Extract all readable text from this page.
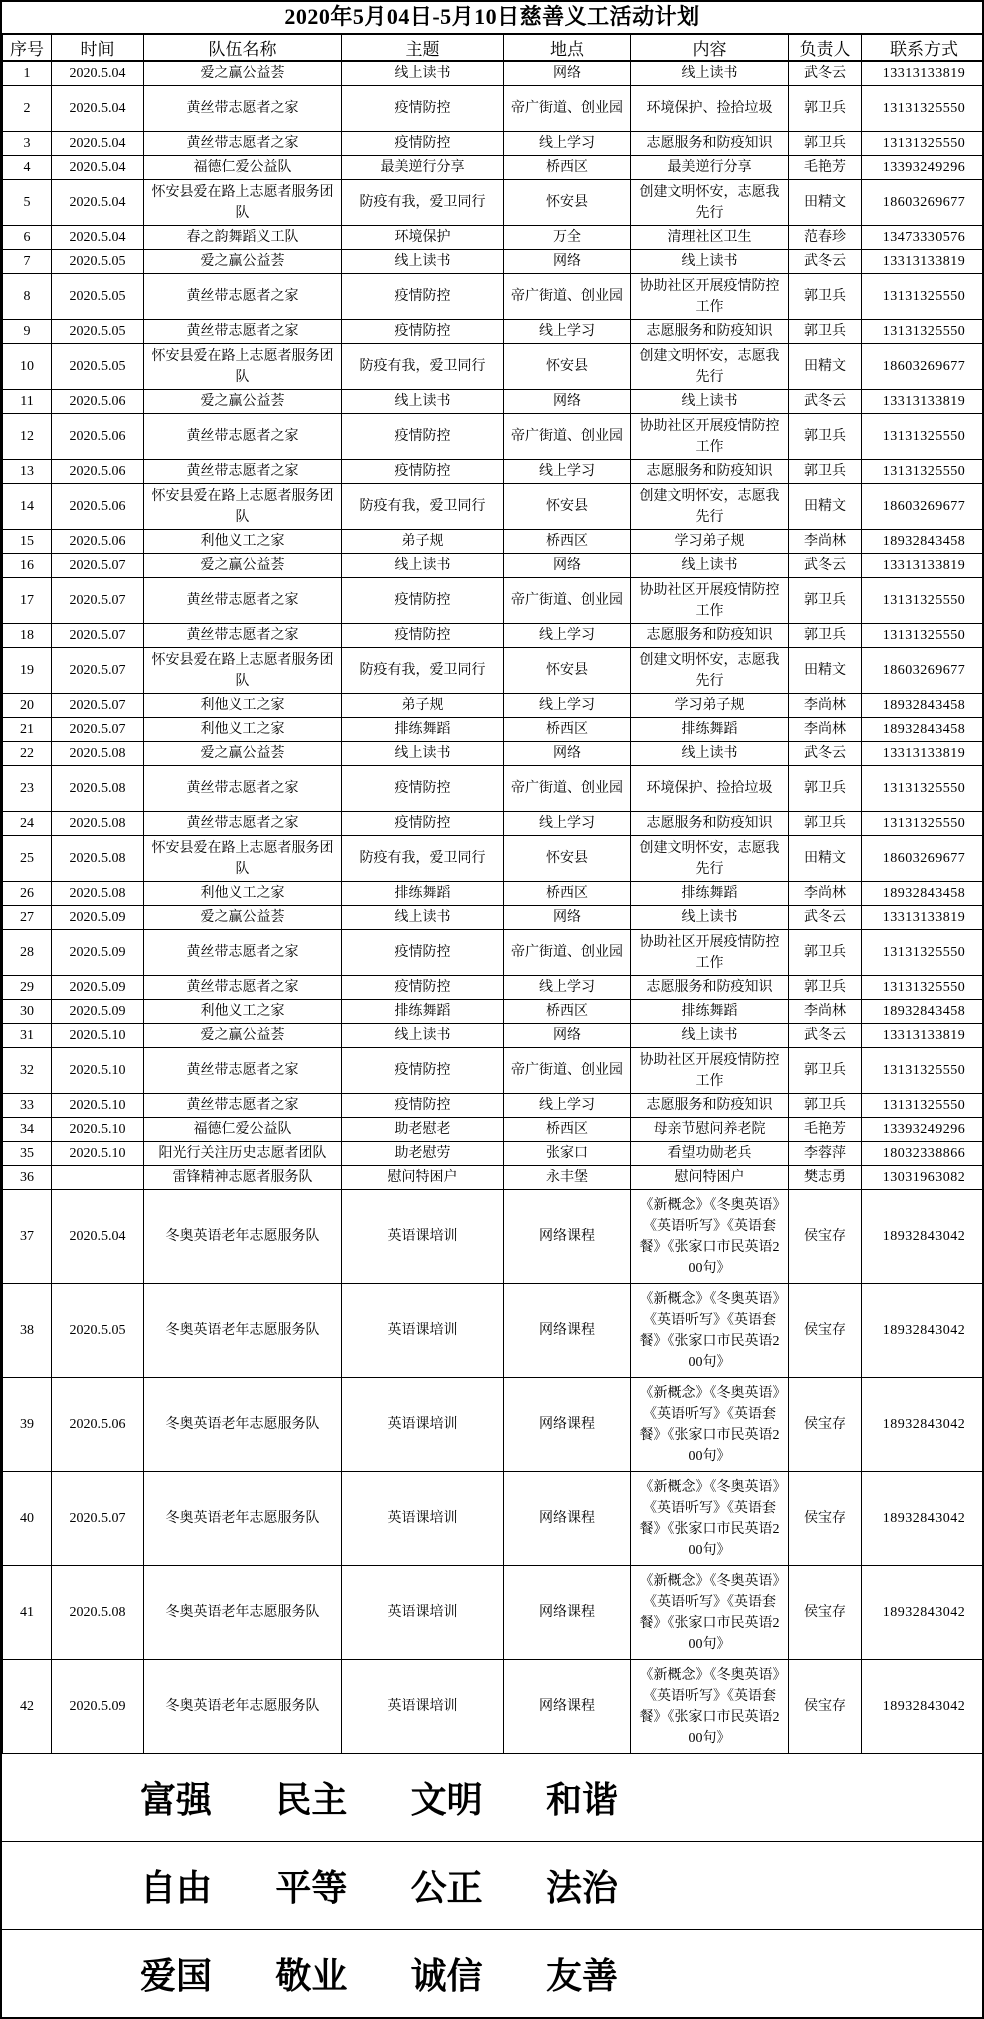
2020年5月04日-5月10日慈善义工活动计划
序号	时间	队伍名称	主题	地点	内容	负责人	联系方式
1	2020.5.04	爱之赢公益荟	线上读书	网络	线上读书	武冬云	13313133819
2	2020.5.04	黄丝带志愿者之家	疫情防控	帝广街道、创业园	环境保护、捡拾垃圾	郭卫兵	13131325550
3	2020.5.04	黄丝带志愿者之家	疫情防控	线上学习	志愿服务和防疫知识	郭卫兵	13131325550
4	2020.5.04	福德仁爱公益队	最美逆行分享	桥西区	最美逆行分享	毛艳芳	13393249296
5	2020.5.04	怀安县爱在路上志愿者服务团队	防疫有我，爱卫同行	怀安县	创建文明怀安，志愿我先行	田精文	18603269677
6	2020.5.04	春之韵舞蹈义工队	环境保护	万全	清理社区卫生	范春珍	13473330576
7	2020.5.05	爱之赢公益荟	线上读书	网络	线上读书	武冬云	13313133819
8	2020.5.05	黄丝带志愿者之家	疫情防控	帝广街道、创业园	协助社区开展疫情防控工作	郭卫兵	13131325550
9	2020.5.05	黄丝带志愿者之家	疫情防控	线上学习	志愿服务和防疫知识	郭卫兵	13131325550
10	2020.5.05	怀安县爱在路上志愿者服务团队	防疫有我，爱卫同行	怀安县	创建文明怀安，志愿我先行	田精文	18603269677
11	2020.5.06	爱之赢公益荟	线上读书	网络	线上读书	武冬云	13313133819
12	2020.5.06	黄丝带志愿者之家	疫情防控	帝广街道、创业园	协助社区开展疫情防控工作	郭卫兵	13131325550
13	2020.5.06	黄丝带志愿者之家	疫情防控	线上学习	志愿服务和防疫知识	郭卫兵	13131325550
14	2020.5.06	怀安县爱在路上志愿者服务团队	防疫有我，爱卫同行	怀安县	创建文明怀安，志愿我先行	田精文	18603269677
15	2020.5.06	利他义工之家	弟子规	桥西区	学习弟子规	李尚林	18932843458
16	2020.5.07	爱之赢公益荟	线上读书	网络	线上读书	武冬云	13313133819
17	2020.5.07	黄丝带志愿者之家	疫情防控	帝广街道、创业园	协助社区开展疫情防控工作	郭卫兵	13131325550
18	2020.5.07	黄丝带志愿者之家	疫情防控	线上学习	志愿服务和防疫知识	郭卫兵	13131325550
19	2020.5.07	怀安县爱在路上志愿者服务团队	防疫有我，爱卫同行	怀安县	创建文明怀安，志愿我先行	田精文	18603269677
20	2020.5.07	利他义工之家	弟子规	线上学习	学习弟子规	李尚林	18932843458
21	2020.5.07	利他义工之家	排练舞蹈	桥西区	排练舞蹈	李尚林	18932843458
22	2020.5.08	爱之赢公益荟	线上读书	网络	线上读书	武冬云	13313133819
23	2020.5.08	黄丝带志愿者之家	疫情防控	帝广街道、创业园	环境保护、捡拾垃圾	郭卫兵	13131325550
24	2020.5.08	黄丝带志愿者之家	疫情防控	线上学习	志愿服务和防疫知识	郭卫兵	13131325550
25	2020.5.08	怀安县爱在路上志愿者服务团队	防疫有我，爱卫同行	怀安县	创建文明怀安，志愿我先行	田精文	18603269677
26	2020.5.08	利他义工之家	排练舞蹈	桥西区	排练舞蹈	李尚林	18932843458
27	2020.5.09	爱之赢公益荟	线上读书	网络	线上读书	武冬云	13313133819
28	2020.5.09	黄丝带志愿者之家	疫情防控	帝广街道、创业园	协助社区开展疫情防控工作	郭卫兵	13131325550
29	2020.5.09	黄丝带志愿者之家	疫情防控	线上学习	志愿服务和防疫知识	郭卫兵	13131325550
30	2020.5.09	利他义工之家	排练舞蹈	桥西区	排练舞蹈	李尚林	18932843458
31	2020.5.10	爱之赢公益荟	线上读书	网络	线上读书	武冬云	13313133819
32	2020.5.10	黄丝带志愿者之家	疫情防控	帝广街道、创业园	协助社区开展疫情防控工作	郭卫兵	13131325550
33	2020.5.10	黄丝带志愿者之家	疫情防控	线上学习	志愿服务和防疫知识	郭卫兵	13131325550
34	2020.5.10	福德仁爱公益队	助老慰老	桥西区	母亲节慰问养老院	毛艳芳	13393249296
35	2020.5.10	阳光行关注历史志愿者团队	助老慰劳	张家口	看望功勋老兵	李蓉萍	18032338866
36		雷锋精神志愿者服务队	慰问特困户	永丰堡	慰问特困户	樊志勇	13031963082
37	2020.5.04	冬奥英语老年志愿服务队	英语课培训	网络课程	《新概念》《冬奥英语》《英语听写》《英语套餐》《张家口市民英语200句》	侯宝存	18932843042
38	2020.5.05	冬奥英语老年志愿服务队	英语课培训	网络课程	《新概念》《冬奥英语》《英语听写》《英语套餐》《张家口市民英语200句》	侯宝存	18932843042
39	2020.5.06	冬奥英语老年志愿服务队	英语课培训	网络课程	《新概念》《冬奥英语》《英语听写》《英语套餐》《张家口市民英语200句》	侯宝存	18932843042
40	2020.5.07	冬奥英语老年志愿服务队	英语课培训	网络课程	《新概念》《冬奥英语》《英语听写》《英语套餐》《张家口市民英语200句》	侯宝存	18932843042
41	2020.5.08	冬奥英语老年志愿服务队	英语课培训	网络课程	《新概念》《冬奥英语》《英语听写》《英语套餐》《张家口市民英语200句》	侯宝存	18932843042
42	2020.5.09	冬奥英语老年志愿服务队	英语课培训	网络课程	《新概念》《冬奥英语》《英语听写》《英语套餐》《张家口市民英语200句》	侯宝存	18932843042
富强 民主 文明 和谐
自由 平等 公正 法治
爱国 敬业 诚信 友善
